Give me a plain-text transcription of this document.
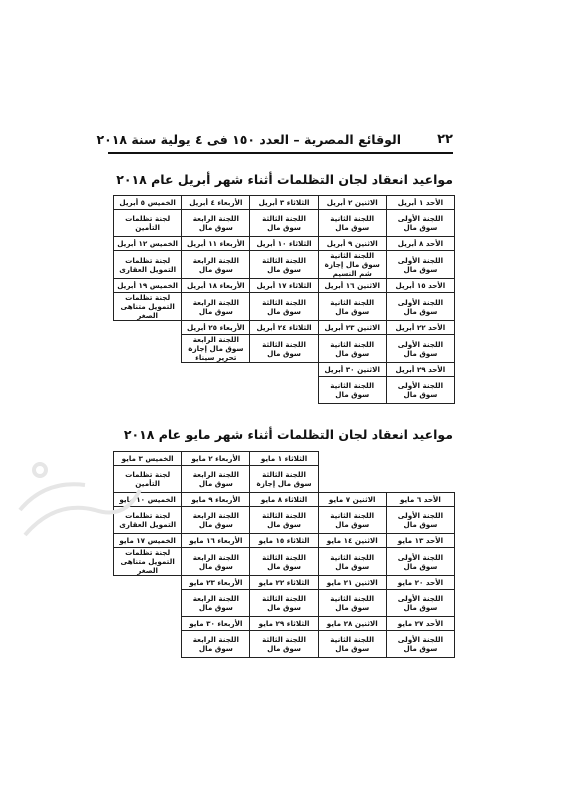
٢٢
الوقائع المصرية – العدد ١٥٠ فى ٤ يولية سنة ٢٠١٨
مواعيد انعقاد لجان التظلمات أثناء شهر أبريل عام ٢٠١٨
الأحد ١ أبريل	الاثنين ٢ أبريل	الثلاثاء ٣ أبريل	الأربعاء ٤ أبريل	الخميس ٥ أبريل
اللجنة الأولى سوق مال	اللجنة الثانية سوق مال	اللجنة الثالثة سوق مال	اللجنة الرابعة سوق مال	لجنة تظلمات التأمين
الأحد ٨ أبريل	الاثنين ٩ أبريل	الثلاثاء ١٠ أبريل	الأربعاء ١١ أبريل	الخميس ١٢ أبريل
اللجنة الأولى سوق مال	اللجنة الثانية سوق مال إجازة شم النسيم	اللجنة الثالثة سوق مال	اللجنة الرابعة سوق مال	لجنة تظلمات التمويل العقارى
الأحد ١٥ أبريل	الاثنين ١٦ أبريل	الثلاثاء ١٧ أبريل	الأربعاء ١٨ أبريل	الخميس ١٩ أبريل
اللجنة الأولى سوق مال	اللجنة الثانية سوق مال	اللجنة الثالثة سوق مال	اللجنة الرابعة سوق مال	لجنة تظلمات التمويل متناهى الصغر
الأحد ٢٢ أبريل	الاثنين ٢٣ أبريل	الثلاثاء ٢٤ أبريل	الأربعاء ٢٥ أبريل	
اللجنة الأولى سوق مال	اللجنة الثانية سوق مال	اللجنة الثالثة سوق مال	اللجنة الرابعة سوق مال إجازة تحرير سيناء	
الأحد ٢٩ أبريل	الاثنين ٣٠ أبريل			
اللجنة الأولى سوق مال	اللجنة الثانية سوق مال			
مواعيد انعقاد لجان التظلمات أثناء شهر مايو عام ٢٠١٨
		الثلاثاء ١ مايو	الأربعاء ٢ مايو	الخميس ٣ مايو
		اللجنة الثالثة سوق مال إجازة	اللجنة الرابعة سوق مال	لجنة تظلمات التأمين
الأحد ٦ مايو	الاثنين ٧ مايو	الثلاثاء ٨ مايو	الأربعاء ٩ مايو	الخميس ١٠ مايو
اللجنة الأولى سوق مال	اللجنة الثانية سوق مال	اللجنة الثالثة سوق مال	اللجنة الرابعة سوق مال	لجنة تظلمات التمويل العقارى
الأحد ١٣ مايو	الاثنين ١٤ مايو	الثلاثاء ١٥ مايو	الأربعاء ١٦ مايو	الخميس ١٧ مايو
اللجنة الأولى سوق مال	اللجنة الثانية سوق مال	اللجنة الثالثة سوق مال	اللجنة الرابعة سوق مال	لجنة تظلمات التمويل متناهى الصغر
الأحد ٢٠ مايو	الاثنين ٢١ مايو	الثلاثاء ٢٢ مايو	الأربعاء ٢٣ مايو	
اللجنة الأولى سوق مال	اللجنة الثانية سوق مال	اللجنة الثالثة سوق مال	اللجنة الرابعة سوق مال	
الأحد ٢٧ مايو	الاثنين ٢٨ مايو	الثلاثاء ٢٩ مايو	الأربعاء ٣٠ مايو	
اللجنة الأولى سوق مال	اللجنة الثانية سوق مال	اللجنة الثالثة سوق مال	اللجنة الرابعة سوق مال	
